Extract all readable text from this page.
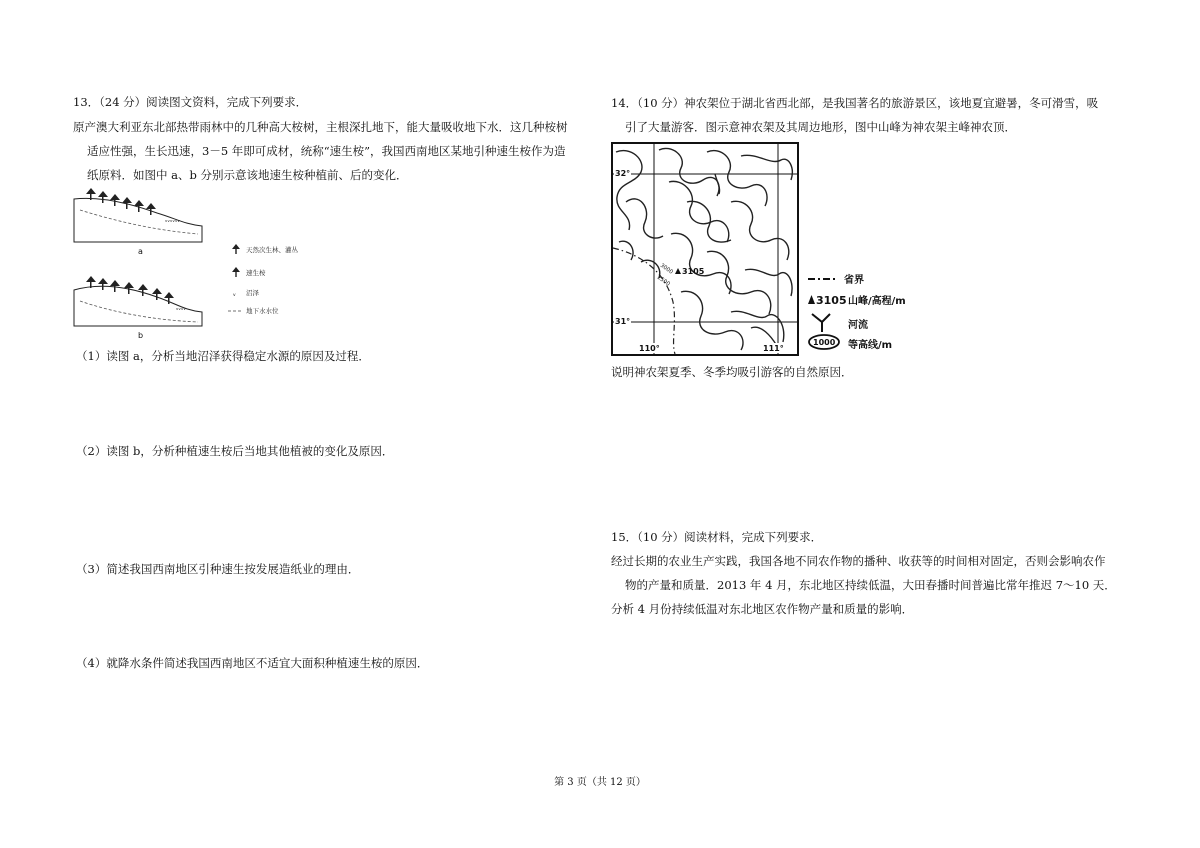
13．（24 分）阅读图文资料，完成下列要求．
原产澳大利亚东北部热带雨林中的几种高大桉树，主根深扎地下，能大量吸收地下水．这几种桉树
适应性强，生长迅速，3－5 年即可成材，统称“速生桉”，我国西南地区某地引种速生桉作为造
纸原料．如图中 a、b 分别示意该地速生桉种植前、后的变化．
ᵥᵥᵥᵥᵥᵥ
a
ᵥᵥᵥᵥ
b
天然次生林、灌丛
速生桉
ᵥ 沼泽
地下水水位
（1）读图 a，分析当地沼泽获得稳定水源的原因及过程．
（2）读图 b，分析种植速生桉后当地其他植被的变化及原因．
（3）简述我国西南地区引种速生按发展造纸业的理由．
（4）就降水条件简述我国西南地区不适宜大面积种植速生桉的原因．
14．（10 分）神农架位于湖北省西北部，是我国著名的旅游景区，该地夏宜避暑，冬可滑雪，吸
引了大量游客．图示意神农架及其周边地形，图中山峰为神农架主峰神农顶．
3105
3000
2500
32°
31°
110°	111°
省界
3105 山峰/高程/m
河流
1000 等高线/m
说明神农架夏季、冬季均吸引游客的自然原因．
15．（10 分）阅读材料，完成下列要求．
经过长期的农业生产实践，我国各地不同农作物的播种、收获等的时间相对固定，否则会影响农作
物的产量和质量．2013 年 4 月，东北地区持续低温，大田春播时间普遍比常年推迟 7～10 天．
分析 4 月份持续低温对东北地区农作物产量和质量的影响．
第 3 页（共 12 页）
